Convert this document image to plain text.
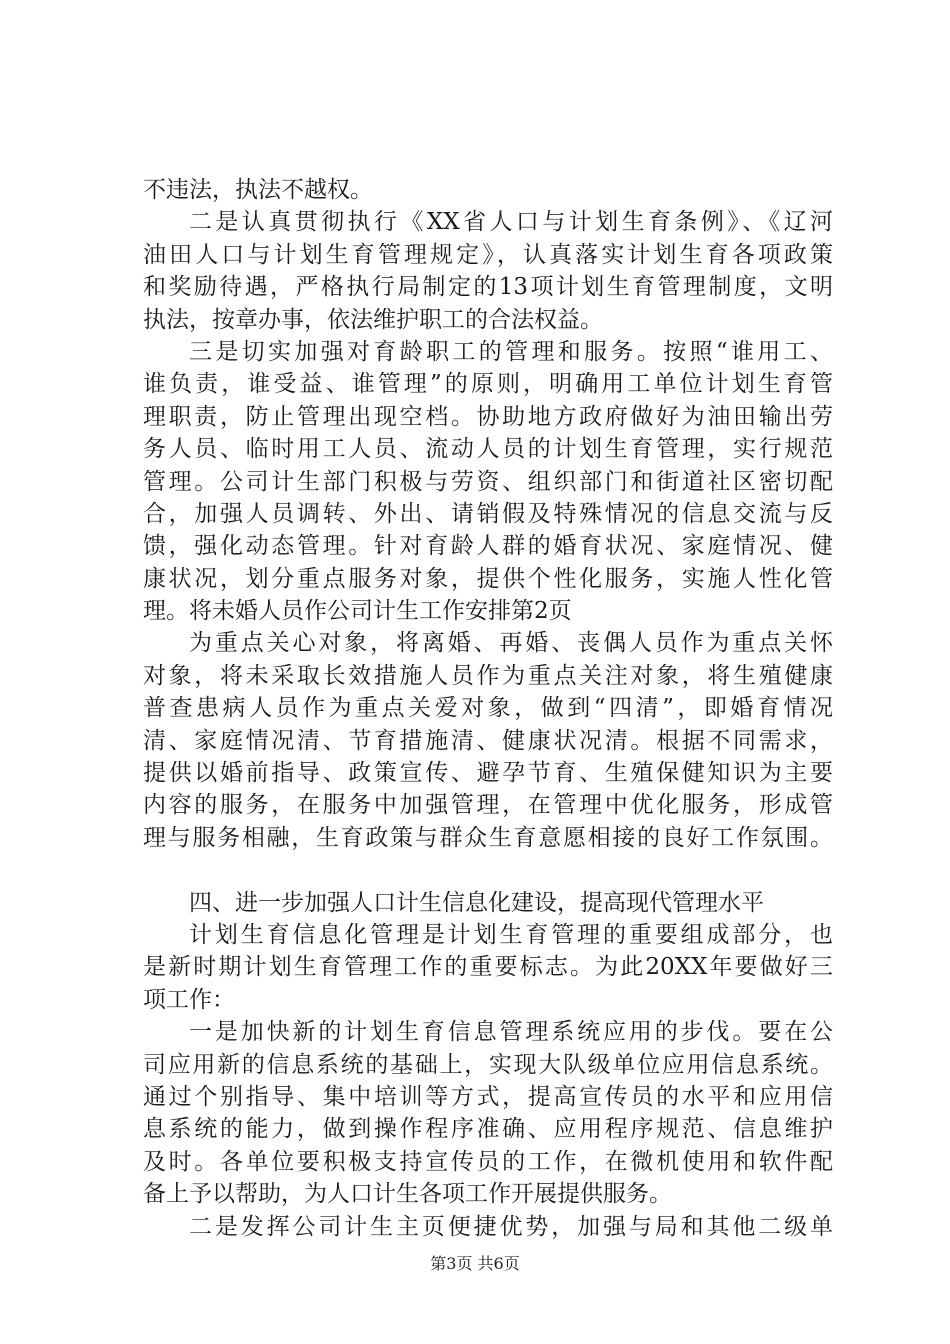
不违法，执法不越权。
二是认真贯彻执行《XX省人口与计划生育条例》、《辽河
油田人口与计划生育管理规定》，认真落实计划生育各项政策
和奖励待遇，严格执行局制定的13项计划生育管理制度，文明
执法，按章办事，依法维护职工的合法权益。
三是切实加强对育龄职工的管理和服务。按照“谁用工、
谁负责，谁受益、谁管理”的原则，明确用工单位计划生育管
理职责，防止管理出现空档。协助地方政府做好为油田输出劳
务人员、临时用工人员、流动人员的计划生育管理，实行规范
管理。公司计生部门积极与劳资、组织部门和街道社区密切配
合，加强人员调转、外出、请销假及特殊情况的信息交流与反
馈，强化动态管理。针对育龄人群的婚育状况、家庭情况、健
康状况，划分重点服务对象，提供个性化服务，实施人性化管
理。将未婚人员作公司计生工作安排第2页
为重点关心对象，将离婚、再婚、丧偶人员作为重点关怀
对象，将未采取长效措施人员作为重点关注对象，将生殖健康
普查患病人员作为重点关爱对象，做到“四清”，即婚育情况
清、家庭情况清、节育措施清、健康状况清。根据不同需求，
提供以婚前指导、政策宣传、避孕节育、生殖保健知识为主要
内容的服务，在服务中加强管理，在管理中优化服务，形成管
理与服务相融，生育政策与群众生育意愿相接的良好工作氛围。
四、进一步加强人口计生信息化建设，提高现代管理水平
计划生育信息化管理是计划生育管理的重要组成部分，也
是新时期计划生育管理工作的重要标志。为此20XX年要做好三
项工作：
一是加快新的计划生育信息管理系统应用的步伐。要在公
司应用新的信息系统的基础上，实现大队级单位应用信息系统。
通过个别指导、集中培训等方式，提高宣传员的水平和应用信
息系统的能力，做到操作程序准确、应用程序规范、信息维护
及时。各单位要积极支持宣传员的工作，在微机使用和软件配
备上予以帮助，为人口计生各项工作开展提供服务。
二是发挥公司计生主页便捷优势，加强与局和其他二级单
第3页 共6页
